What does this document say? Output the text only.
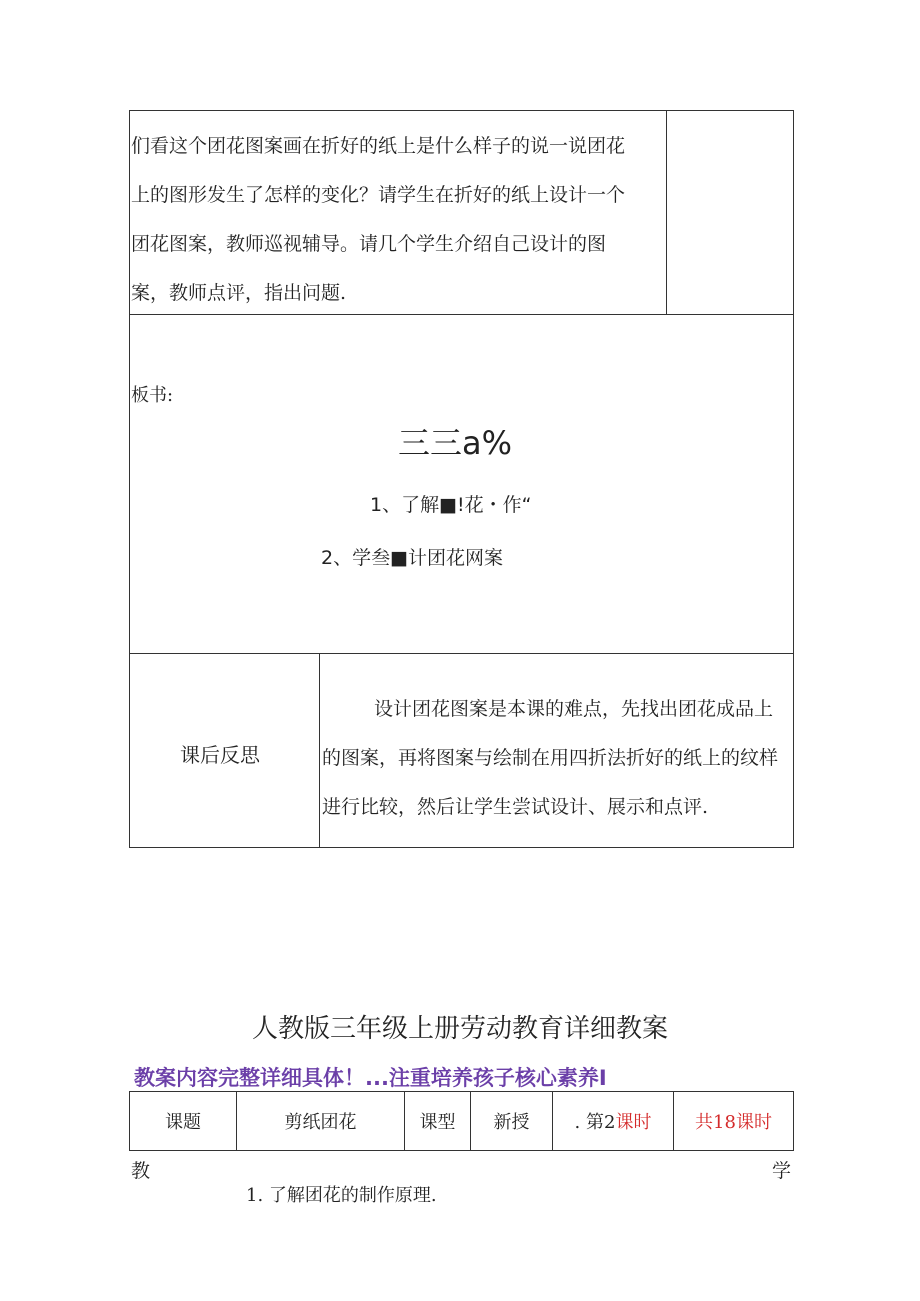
们看这个团花图案画在折好的纸上是什么样子的说一说团花
上的图形发生了怎样的变化？请学生在折好的纸上设计一个
团花图案，教师巡视辅导。请几个学生介绍自己设计的图
案，教师点评，指出问题.
板书:
三三a%
1、了解■!花・作“
2、学叁■计团花网案
课后反思
设计团花图案是本课的难点，先找出团花成品上
的图案，再将图案与绘制在用四折法折好的纸上的纹样
进行比较，然后让学生尝试设计、展示和点评.
人教版三年级上册劳动教育详细教案
教案内容完整详细具体！...注重培养孩子核心素养I
课题	剪纸团花	课型	新授	. 第2 课时	共18课时
教	学
1. 了解团花的制作原理.
